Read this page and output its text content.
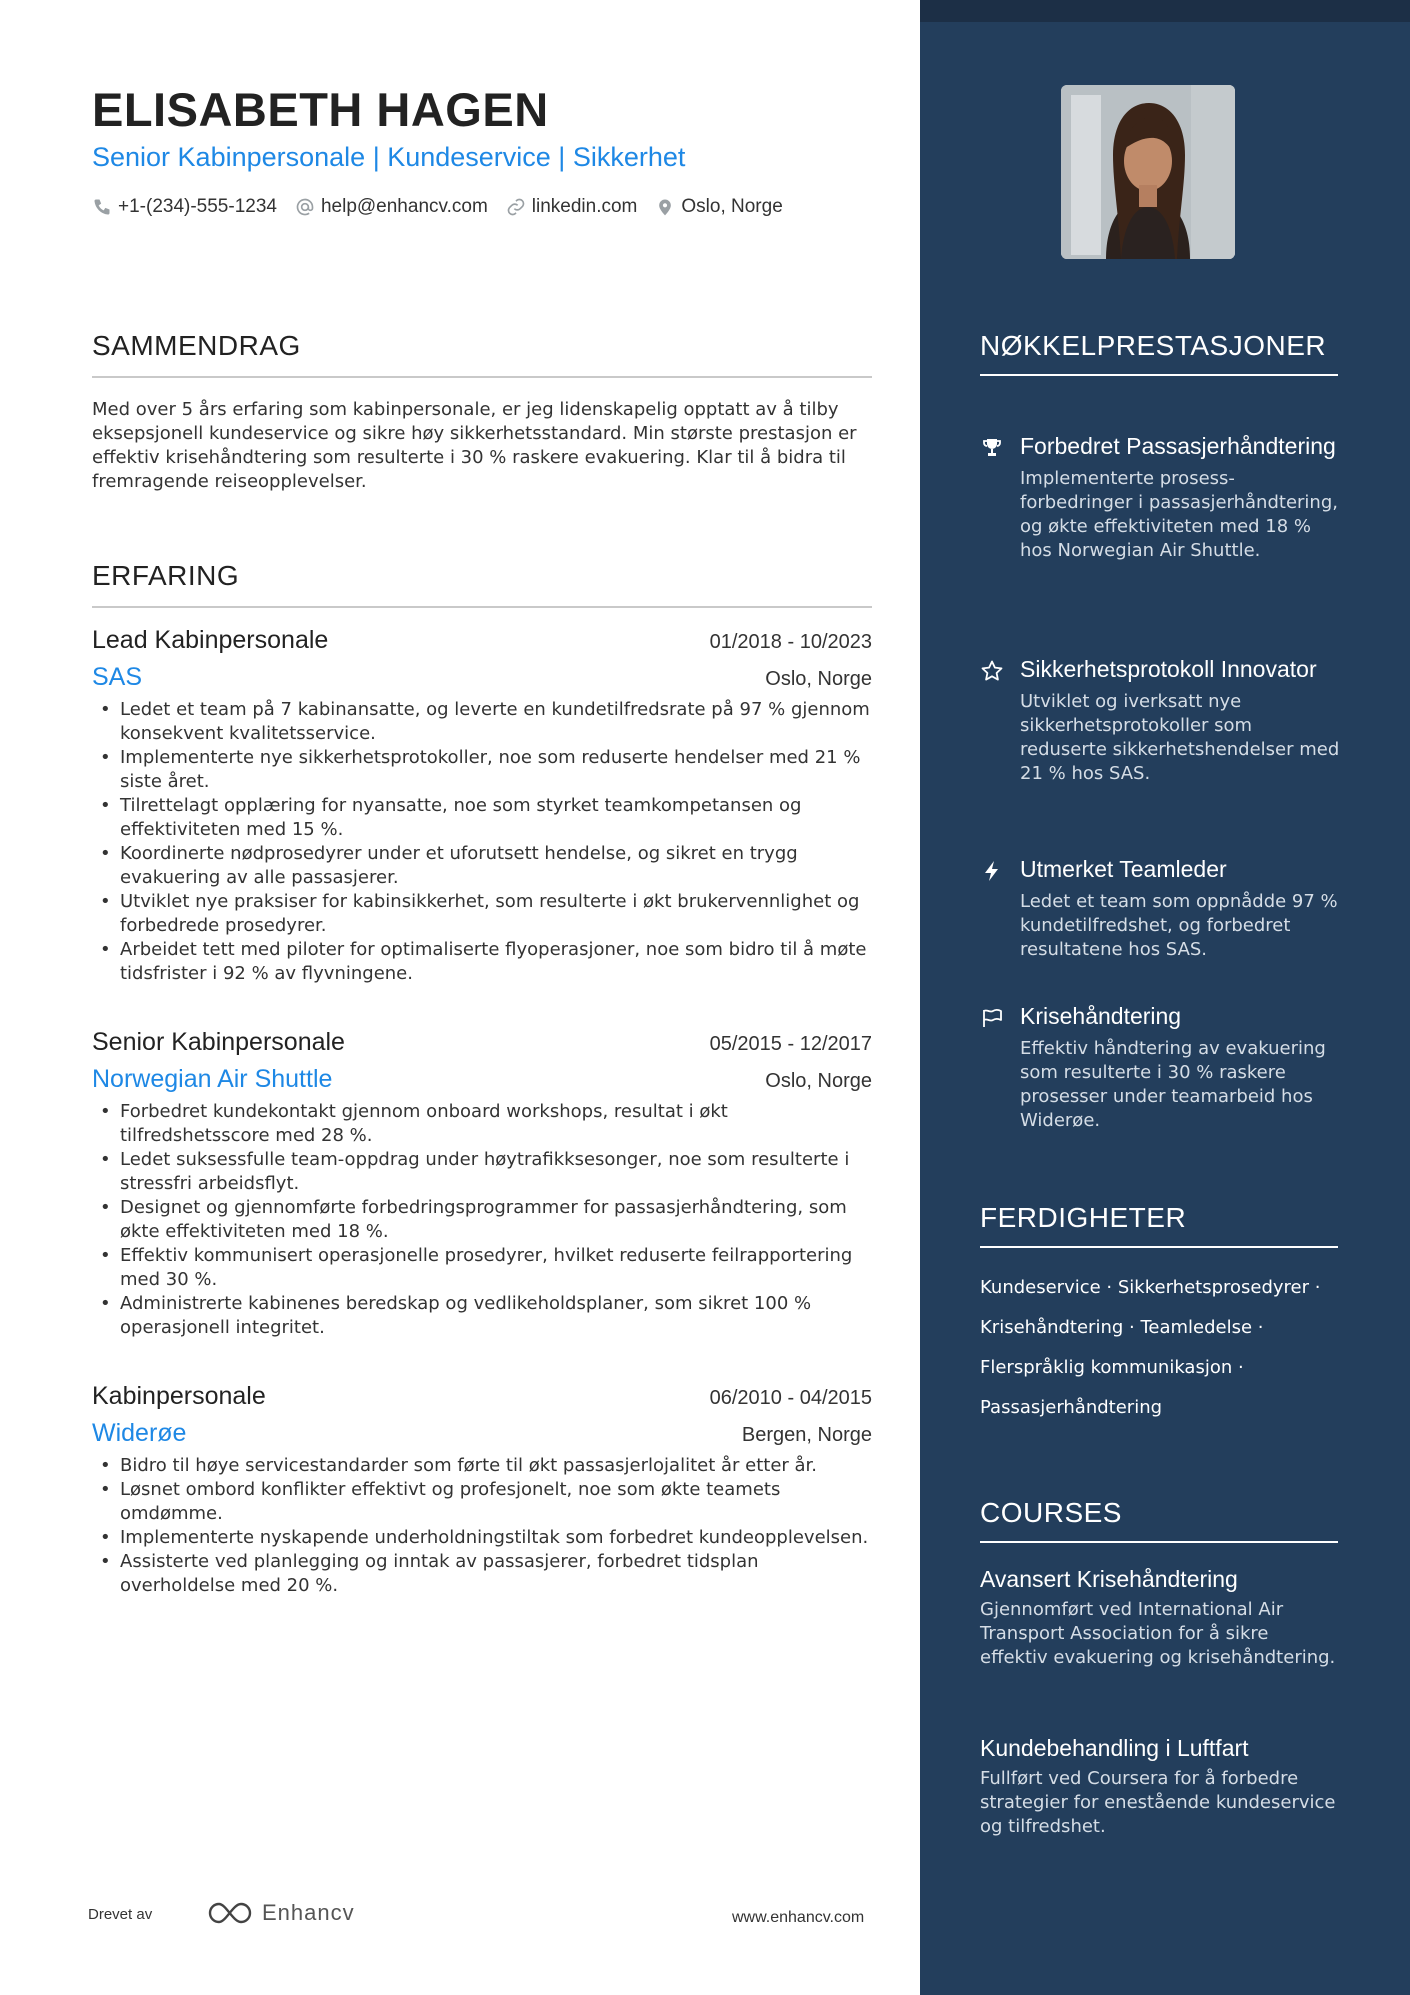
ELISABETH HAGEN
Senior Kabinpersonale | Kundeservice | Sikkerhet
+1-(234)-555-1234 help@enhancv.com linkedin.com Oslo, Norge
SAMMENDRAG
Med over 5 års erfaring som kabinpersonale, er jeg lidenskapelig opptatt av å tilby eksepsjonell kundeservice og sikre høy sikkerhetsstandard. Min største prestasjon er effektiv krisehåndtering som resulterte i 30 % raskere evakuering. Klar til å bidra til fremragende reiseopplevelser.
ERFARING
Lead Kabinpersonale	01/2018 - 10/2023
SAS	Oslo, Norge
• Ledet et team på 7 kabinansatte, og leverte en kundetilfredsrate på 97 % gjennom konsekvent kvalitetsservice.
• Implementerte nye sikkerhetsprotokoller, noe som reduserte hendelser med 21 % siste året.
• Tilrettelagt opplæring for nyansatte, noe som styrket teamkompetansen og effektiviteten med 15 %.
• Koordinerte nødprosedyrer under et uforutsett hendelse, og sikret en trygg evakuering av alle passasjerer.
• Utviklet nye praksiser for kabinsikkerhet, som resulterte i økt brukervennlighet og forbedrede prosedyrer.
• Arbeidet tett med piloter for optimaliserte flyoperasjoner, noe som bidro til å møte tidsfrister i 92 % av flyvningene.
Senior Kabinpersonale	05/2015 - 12/2017
Norwegian Air Shuttle	Oslo, Norge
• Forbedret kundekontakt gjennom onboard workshops, resultat i økt tilfredshetsscore med 28 %.
• Ledet suksessfulle team-oppdrag under høytrafikksesonger, noe som resulterte i stressfri arbeidsflyt.
• Designet og gjennomførte forbedringsprogrammer for passasjerhåndtering, som økte effektiviteten med 18 %.
• Effektiv kommunisert operasjonelle prosedyrer, hvilket reduserte feilrapportering med 30 %.
• Administrerte kabinenes beredskap og vedlikeholdsplaner, som sikret 100 % operasjonell integritet.
Kabinpersonale	06/2010 - 04/2015
Widerøe	Bergen, Norge
• Bidro til høye servicestandarder som førte til økt passasjerlojalitet år etter år.
• Løsnet ombord konflikter effektivt og profesjonelt, noe som økte teamets omdømme.
• Implementerte nyskapende underholdningstiltak som forbedret kundeopplevelsen.
• Assisterte ved planlegging og inntak av passasjerer, forbedret tidsplan overholdelse med 20 %.
Drevet av	Enhancv	www.enhancv.com
NØKKELPRESTASJONER
Forbedret Passasjerhåndtering
Implementerte prosess-forbedringer i passasjerhåndtering, og økte effektiviteten med 18 % hos Norwegian Air Shuttle.
Sikkerhetsprotokoll Innovator
Utviklet og iverksatt nye sikkerhetsprotokoller som reduserte sikkerhetshendelser med 21 % hos SAS.
Utmerket Teamleder
Ledet et team som oppnådde 97 % kundetilfredshet, og forbedret resultatene hos SAS.
Krisehåndtering
Effektiv håndtering av evakuering som resulterte i 30 % raskere prosesser under teamarbeid hos Widerøe.
FERDIGHETER
Kundeservice · Sikkerhetsprosedyrer ·
Krisehåndtering · Teamledelse ·
Flerspråklig kommunikasjon ·
Passasjerhåndtering
COURSES
Avansert Krisehåndtering
Gjennomført ved International Air Transport Association for å sikre effektiv evakuering og krisehåndtering.
Kundebehandling i Luftfart
Fullført ved Coursera for å forbedre strategier for enestående kundeservice og tilfredshet.
